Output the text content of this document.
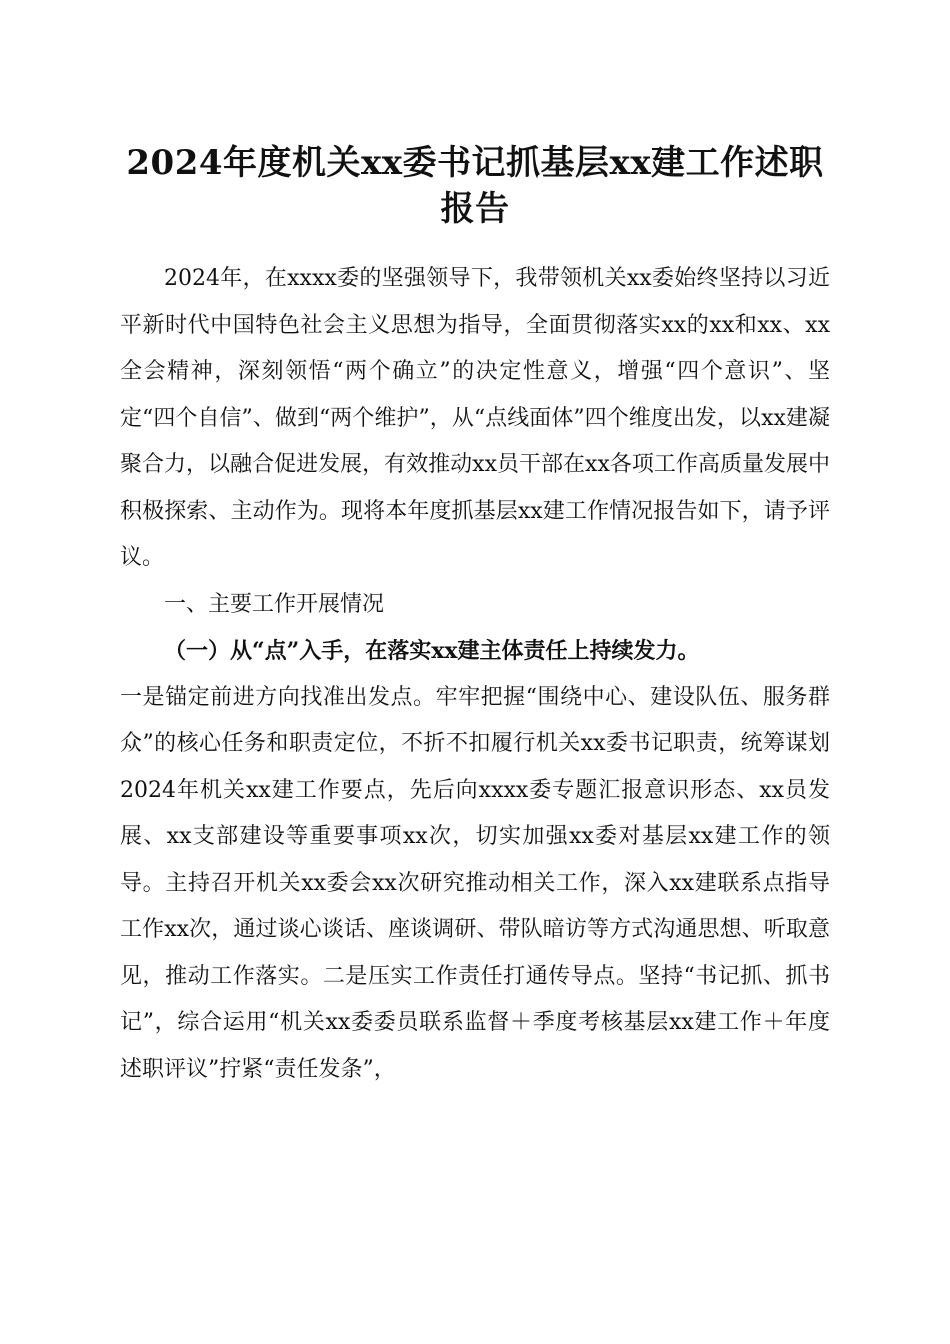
2024年度机关xx委书记抓基层xx建工作述职
报告

2024年，在xxxx委的坚强领导下，我带领机关xx委始终坚持以习近平新时代中国特色社会主义思想为指导，全面贯彻落实xx的xx和xx、xx全会精神，深刻领悟“两个确立”的决定性意义，增强“四个意识”、坚定“四个自信”、做到“两个维护”，从“点线面体”四个维度出发，以xx建凝聚合力，以融合促进发展，有效推动xx员干部在xx各项工作高质量发展中积极探索、主动作为。现将本年度抓基层xx建工作情况报告如下，请予评议。

一、主要工作开展情况

（一）从“点”入手，在落实xx建主体责任上持续发力。

一是锚定前进方向找准出发点。牢牢把握“围绕中心、建设队伍、服务群众”的核心任务和职责定位，不折不扣履行机关xx委书记职责，统筹谋划2024年机关xx建工作要点，先后向xxxx委专题汇报意识形态、xx员发展、xx支部建设等重要事项xx次，切实加强xx委对基层xx建工作的领导。主持召开机关xx委会xx次研究推动相关工作，深入xx建联系点指导工作xx次，通过谈心谈话、座谈调研、带队暗访等方式沟通思想、听取意见，推动工作落实。二是压实工作责任打通传导点。坚持“书记抓、抓书记”，综合运用“机关xx委委员联系监督＋季度考核基层xx建工作＋年度述职评议”拧紧“责任发条”，
